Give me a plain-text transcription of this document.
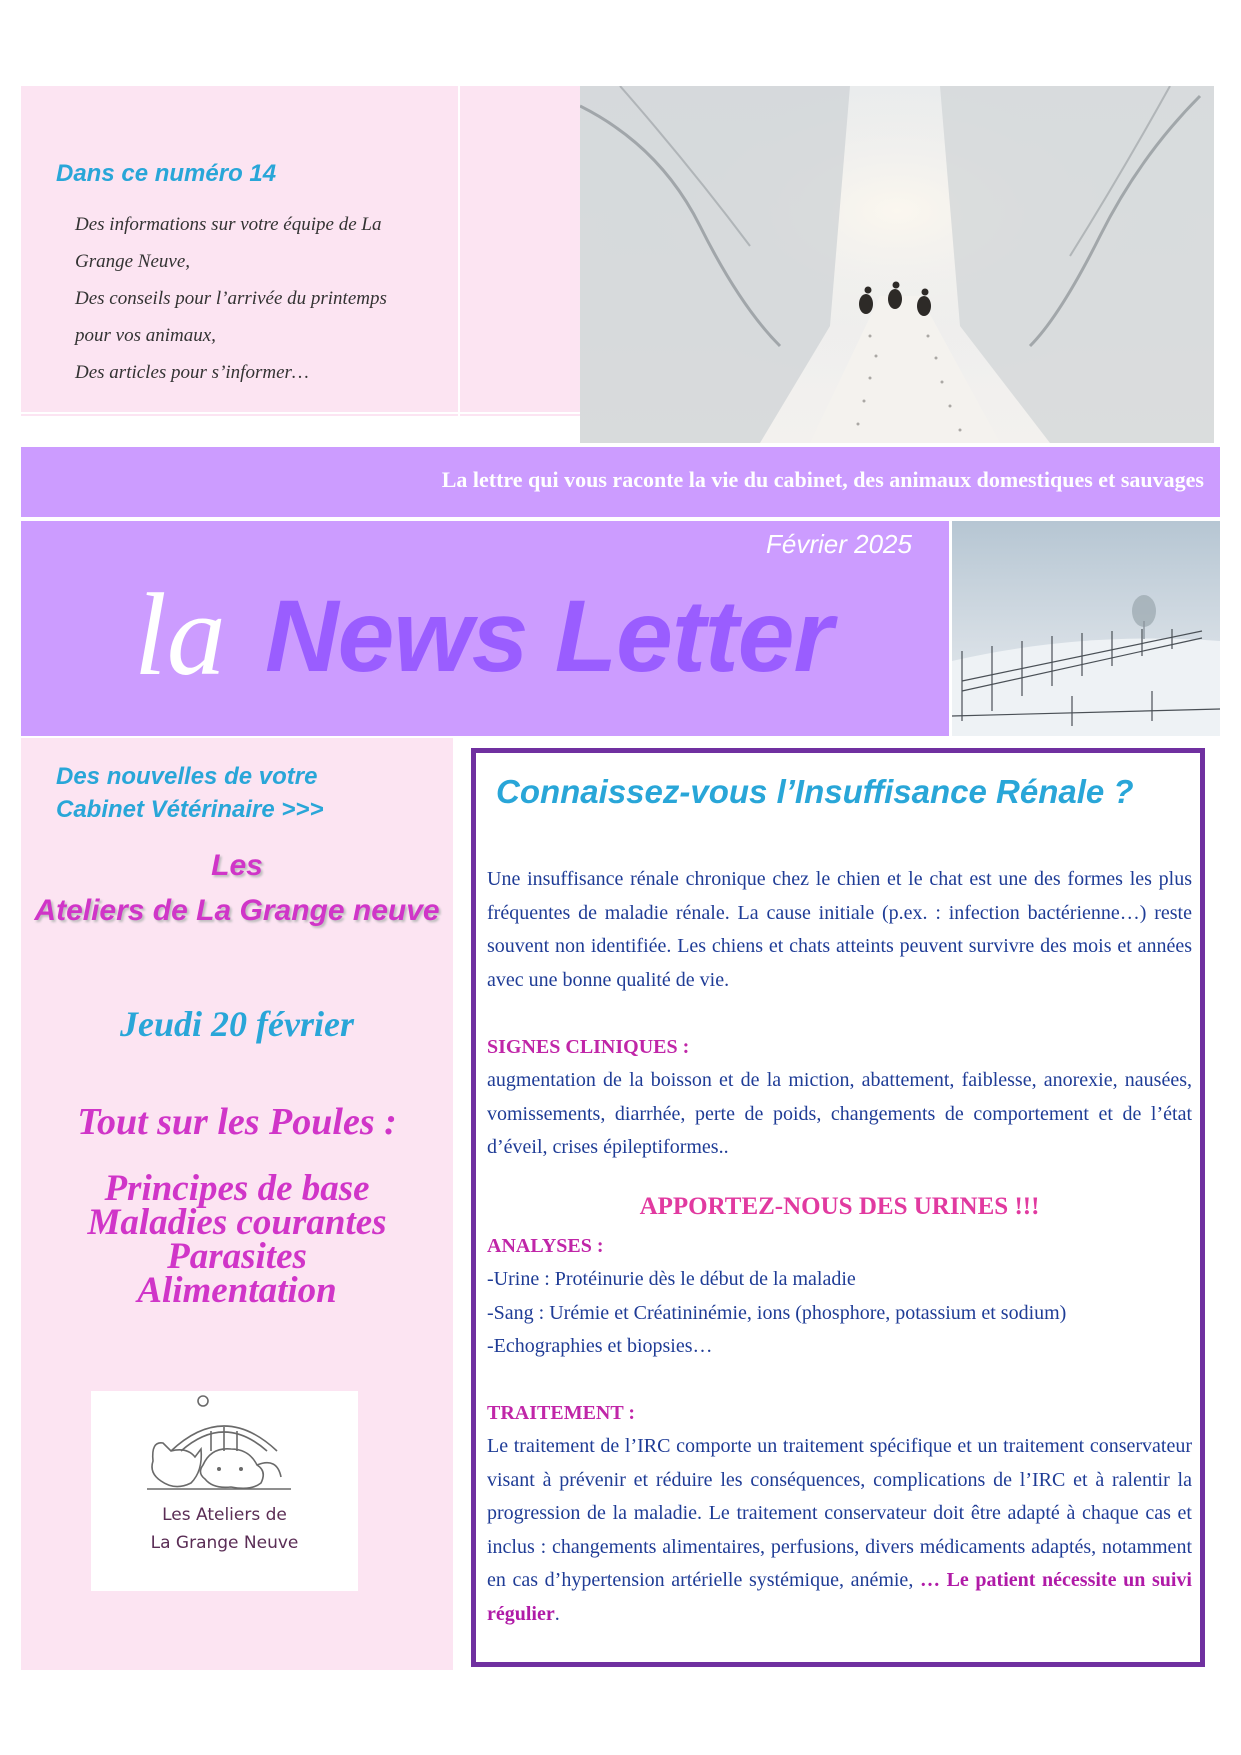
Dans ce numéro 14
Des informations sur votre équipe de La
Grange Neuve,
Des conseils pour l’arrivée du printemps
pour vos animaux,
Des articles pour s’informer…
La lettre qui vous raconte la vie du cabinet, des animaux domestiques et sauvages
Février 2025
la News Letter
Des nouvelles de votre
Cabinet Vétérinaire >>>
Les
Ateliers de La Grange neuve
Jeudi 20 février
Tout sur les Poules :
Principes de base
Maladies courantes
Parasites
Alimentation
Les Ateliers de
La Grange Neuve
Connaissez-vous l’Insuffisance Rénale ?
Une insuffisance rénale chronique chez le chien et le chat est une des formes les plus fréquentes de maladie rénale. La cause initiale (p.ex. : infection bactérienne…) reste souvent non identifiée. Les chiens et chats atteints peuvent survivre des mois et années avec une bonne qualité de vie.
SIGNES CLINIQUES :
augmentation de la boisson et de la miction, abattement, faiblesse, anorexie, nausées, vomissements, diarrhée, perte de poids, changements de comportement et de l’état d’éveil, crises épileptiformes..
APPORTEZ-NOUS DES URINES !!!
ANALYSES :
-Urine : Protéinurie dès le début de la maladie
-Sang : Urémie et Créatininémie, ions (phosphore, potassium et sodium)
-Echographies et biopsies…
TRAITEMENT :
Le traitement de l’IRC comporte un traitement spécifique et un traitement conservateur visant à prévenir et réduire les conséquences, complications de l’IRC et à ralentir la progression de la maladie. Le traitement conservateur doit être adapté à chaque cas et inclus : changements alimentaires, perfusions, divers médicaments adaptés, notamment en cas d’hypertension artérielle systémique, anémie, … Le patient nécessite un suivi régulier.
